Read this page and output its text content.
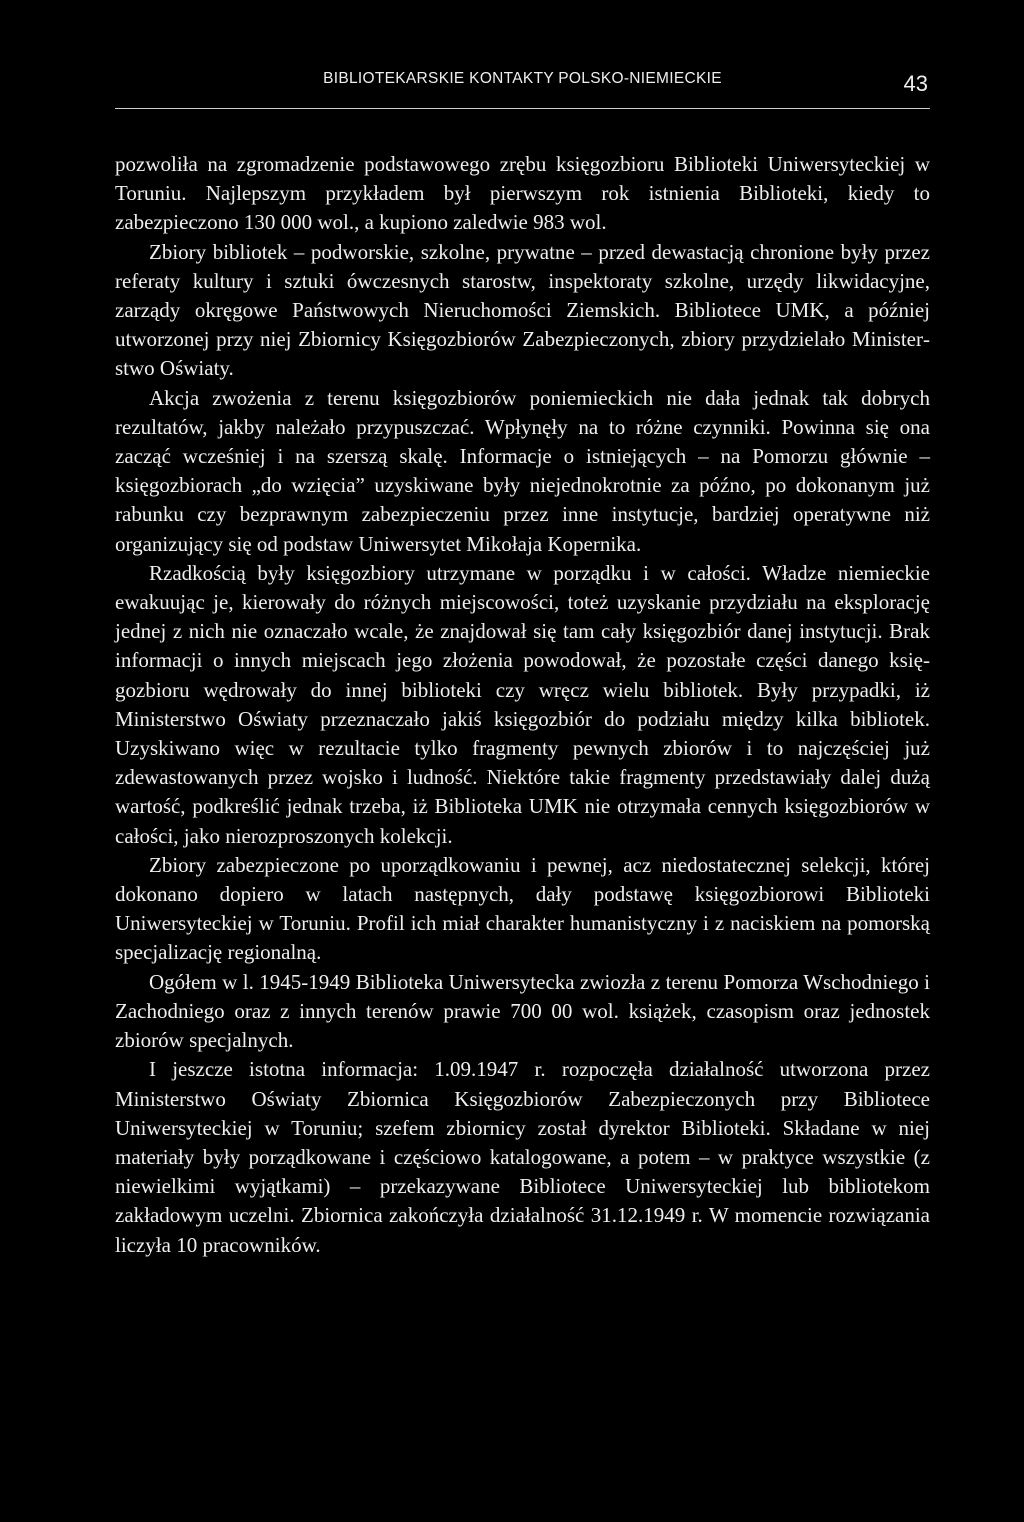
BIBLIOTEKARSKIE KONTAKTY POLSKO-NIEMIECKIE	43

pozwoliła na zgromadzenie podstawowego zrębu księgozbioru Biblioteki Uniwersyteckiej w Toruniu. Najlepszym przykładem był pierwszym rok istnienia Biblioteki, kiedy to zabezpieczono 130 000 wol., a kupiono zaledwie 983 wol.

Zbiory bibliotek – podworskie, szkolne, prywatne – przed dewastacją chronione były przez referaty kultury i sztuki ówczesnych starostw, inspektoraty szkolne, urzędy likwidacyjne, zarządy okręgowe Państwowych Nieruchomości Ziemskich. Bibliotece UMK, a później utworzonej przy niej Zbiornicy Księgozbiorów Zabezpieczonych, zbiory przydzielało Ministerstwo Oświaty.

Akcja zwożenia z terenu księgozbiorów poniemieckich nie dała jednak tak dobrych rezultatów, jakby należało przypuszczać. Wpłynęły na to różne czynniki. Powinna się ona zacząć wcześniej i na szerszą skalę. Informacje o istniejących – na Pomorzu głównie – księgozbiorach „do wzięcia” uzyskiwane były niejednokrotnie za późno, po dokonanym już rabunku czy bezprawnym zabezpieczeniu przez inne instytucje, bardziej operatywne niż organizujący się od podstaw Uniwersytet Mikołaja Kopernika.

Rzadkością były księgozbiory utrzymane w porządku i w całości. Władze niemieckie ewakuując je, kierowały do różnych miejscowości, toteż uzyskanie przydziału na eksplorację jednej z nich nie oznaczało wcale, że znajdował się tam cały księgozbiór danej instytucji. Brak informacji o innych miejscach jego złożenia powodował, że pozostałe części danego księgozbioru wędrowały do innej biblioteki czy wręcz wielu bibliotek. Były przypadki, iż Ministerstwo Oświaty przeznaczało jakiś księgozbiór do podziału między kilka bibliotek. Uzyskiwano więc w rezultacie tylko fragmenty pewnych zbiorów i to najczęściej już zdewastowanych przez wojsko i ludność. Niektóre takie fragmenty przedstawiały dalej dużą wartość, podkreślić jednak trzeba, iż Biblioteka UMK nie otrzymała cennych księgozbiorów w całości, jako nierozproszonych kolekcji.

Zbiory zabezpieczone po uporządkowaniu i pewnej, acz niedostatecznej selekcji, której dokonano dopiero w latach następnych, dały podstawę księgozbiorowi Biblioteki Uniwersyteckiej w Toruniu. Profil ich miał charakter humanistyczny i z naciskiem na pomorską specjalizację regionalną.

Ogółem w l. 1945-1949 Biblioteka Uniwersytecka zwiozła z terenu Pomorza Wschodniego i Zachodniego oraz z innych terenów prawie 700 00 wol. książek, czasopism oraz jednostek zbiorów specjalnych.

I jeszcze istotna informacja: 1.09.1947 r. rozpoczęła działalność utworzona przez Ministerstwo Oświaty Zbiornica Księgozbiorów Zabezpieczonych przy Bibliotece Uniwersyteckiej w Toruniu; szefem zbiornicy został dyrektor Biblioteki. Składane w niej materiały były porządkowane i częściowo katalogowane, a potem – w praktyce wszystkie (z niewielkimi wyjątkami) – przekazywane Bibliotece Uniwersyteckiej lub bibliotekom zakładowym uczelni. Zbiornica zakończyła działalność 31.12.1949 r. W momencie rozwiązania liczyła 10 pracowników.
